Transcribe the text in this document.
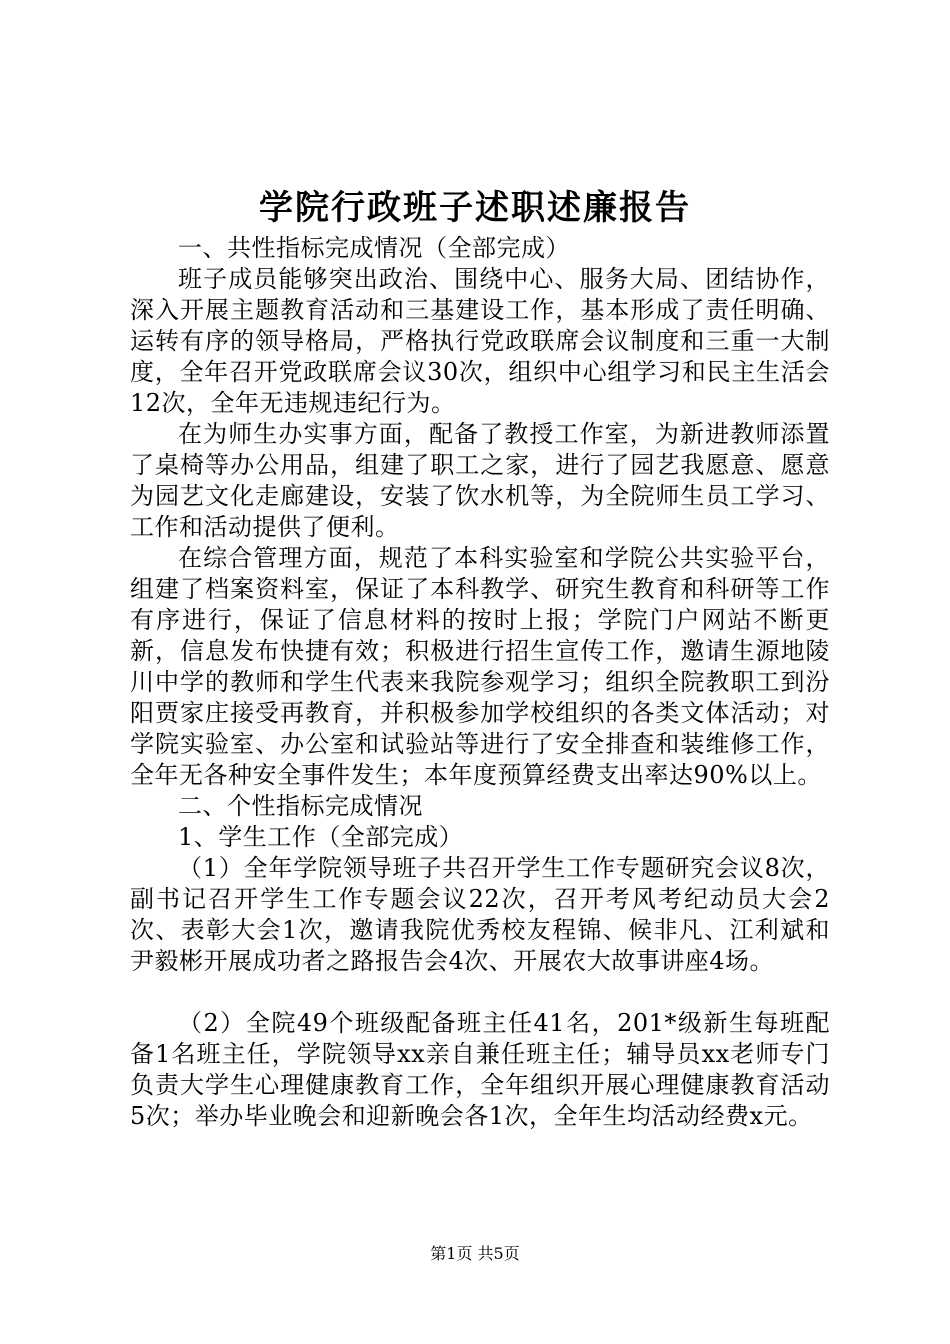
学院行政班子述职述廉报告

一、共性指标完成情况（全部完成）

班子成员能够突出政治、围绕中心、服务大局、团结协作，深入开展主题教育活动和三基建设工作，基本形成了责任明确、运转有序的领导格局，严格执行党政联席会议制度和三重一大制度，全年召开党政联席会议30次，组织中心组学习和民主生活会12次，全年无违规违纪行为。

在为师生办实事方面，配备了教授工作室，为新进教师添置了桌椅等办公用品，组建了职工之家，进行了园艺我愿意、愿意为园艺文化走廊建设，安装了饮水机等，为全院师生员工学习、工作和活动提供了便利。

在综合管理方面，规范了本科实验室和学院公共实验平台，组建了档案资料室，保证了本科教学、研究生教育和科研等工作有序进行，保证了信息材料的按时上报；学院门户网站不断更新，信息发布快捷有效；积极进行招生宣传工作，邀请生源地陵川中学的教师和学生代表来我院参观学习；组织全院教职工到汾阳贾家庄接受再教育，并积极参加学校组织的各类文体活动；对学院实验室、办公室和试验站等进行了安全排查和装维修工作，全年无各种安全事件发生；本年度预算经费支出率达90%以上。

二、个性指标完成情况

1、学生工作（全部完成）

（1）全年学院领导班子共召开学生工作专题研究会议8次，副书记召开学生工作专题会议22次，召开考风考纪动员大会2次、表彰大会1次，邀请我院优秀校友程锦、候非凡、江利斌和尹毅彬开展成功者之路报告会4次、开展农大故事讲座4场。

（2）全院49个班级配备班主任41名，201*级新生每班配备1名班主任，学院领导xx亲自兼任班主任；辅导员xx老师专门负责大学生心理健康教育工作，全年组织开展心理健康教育活动5次；举办毕业晚会和迎新晚会各1次，全年生均活动经费x元。

第1页 共5页
